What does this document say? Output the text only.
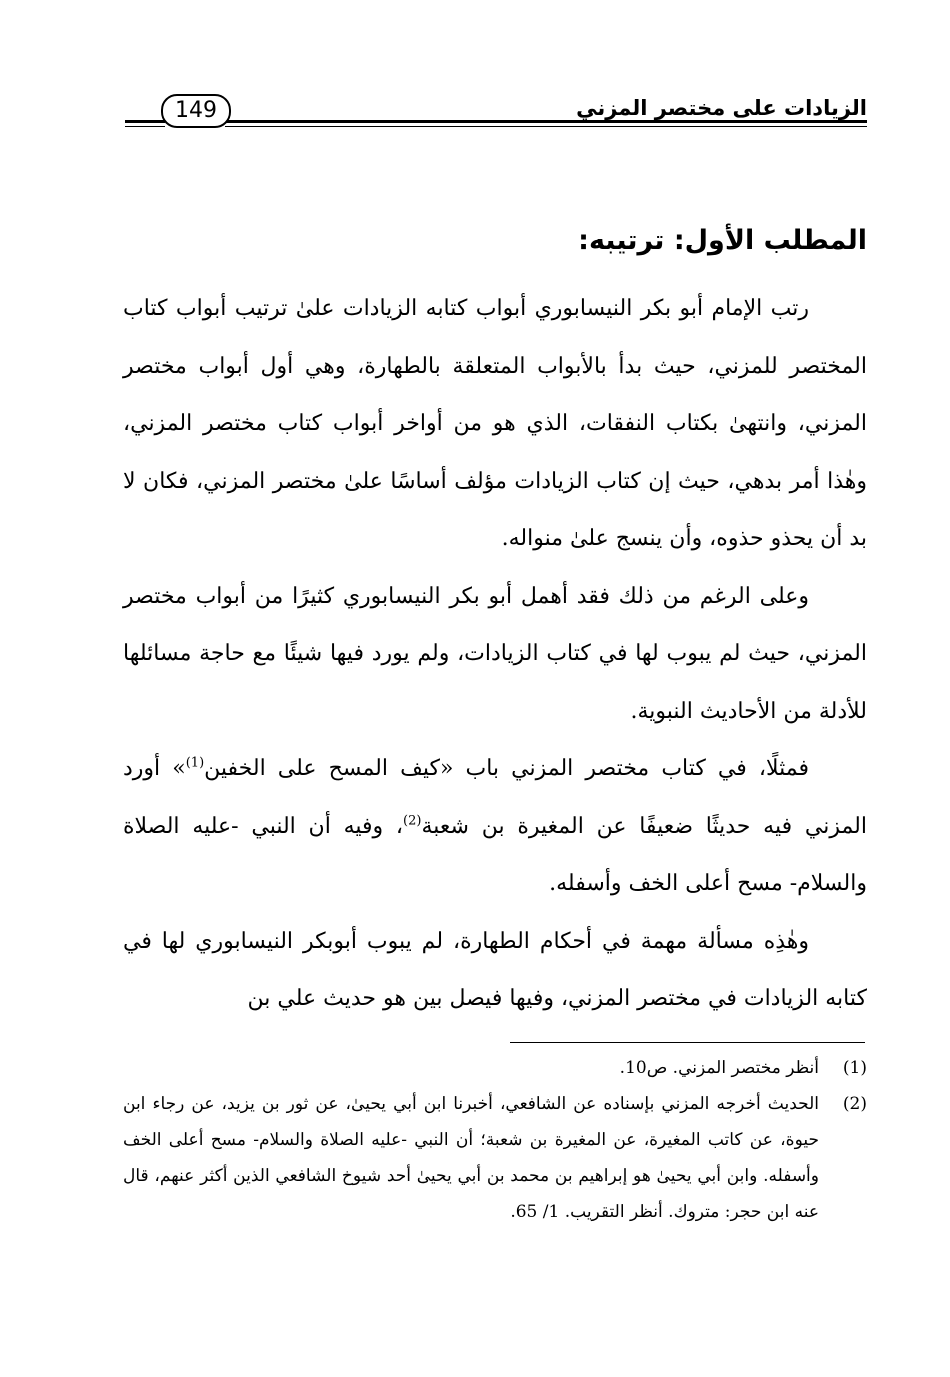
149	الزيادات على مختصر المزني
المطلب الأول: ترتيبه:

رتب الإمام أبو بكر النيسابوري أبواب كتابه الزيادات علىٰ ترتيب أبواب كتاب المختصر للمزني، حيث بدأ بالأبواب المتعلقة بالطهارة، وهي أول أبواب مختصر المزني، وانتهىٰ بكتاب النفقات، الذي هو من أواخر أبواب كتاب مختصر المزني، وهٰذا أمر بدهي، حيث إن كتاب الزيادات مؤلف أساسًا علىٰ مختصر المزني، فكان لا بد أن يحذو حذوه، وأن ينسج علىٰ منواله.

وعلى الرغم من ذلك فقد أهمل أبو بكر النيسابوري كثيرًا من أبواب مختصر المزني، حيث لم يبوب لها في كتاب الزيادات، ولم يورد فيها شيئًا مع حاجة مسائلها للأدلة من الأحاديث النبوية.

فمثلًا، في كتاب مختصر المزني باب «كيف المسح على الخفين$^{(1)}$» أورد المزني فيه حديثًا ضعيفًا عن المغيرة بن شعبة$^{(2)}$، وفيه أن النبي -عليه الصلاة والسلام- مسح أعلى الخف وأسفله.

وهٰذِه مسألة مهمة في أحكام الطهارة، لم يبوب أبوبكر النيسابوري لها في كتابه الزيادات في مختصر المزني، وفيها فيصل بين هو حديث علي بن

(1)
أنظر مختصر المزني. ص10.

(2)
الحديث أخرجه المزني بإسناده عن الشافعي، أخبرنا ابن أبي يحيىٰ، عن ثور بن يزيد، عن رجاء ابن حيوة، عن كاتب المغيرة، عن المغيرة بن شعبة؛ أن النبي -عليه الصلاة والسلام- مسح أعلى الخف وأسفله. وابن أبي يحيىٰ هو إبراهيم بن محمد بن أبي يحيىٰ أحد شيوخ الشافعي الذين أكثر عنهم، قال عنه ابن حجر: متروك. أنظر التقريب. 1/ 65.
